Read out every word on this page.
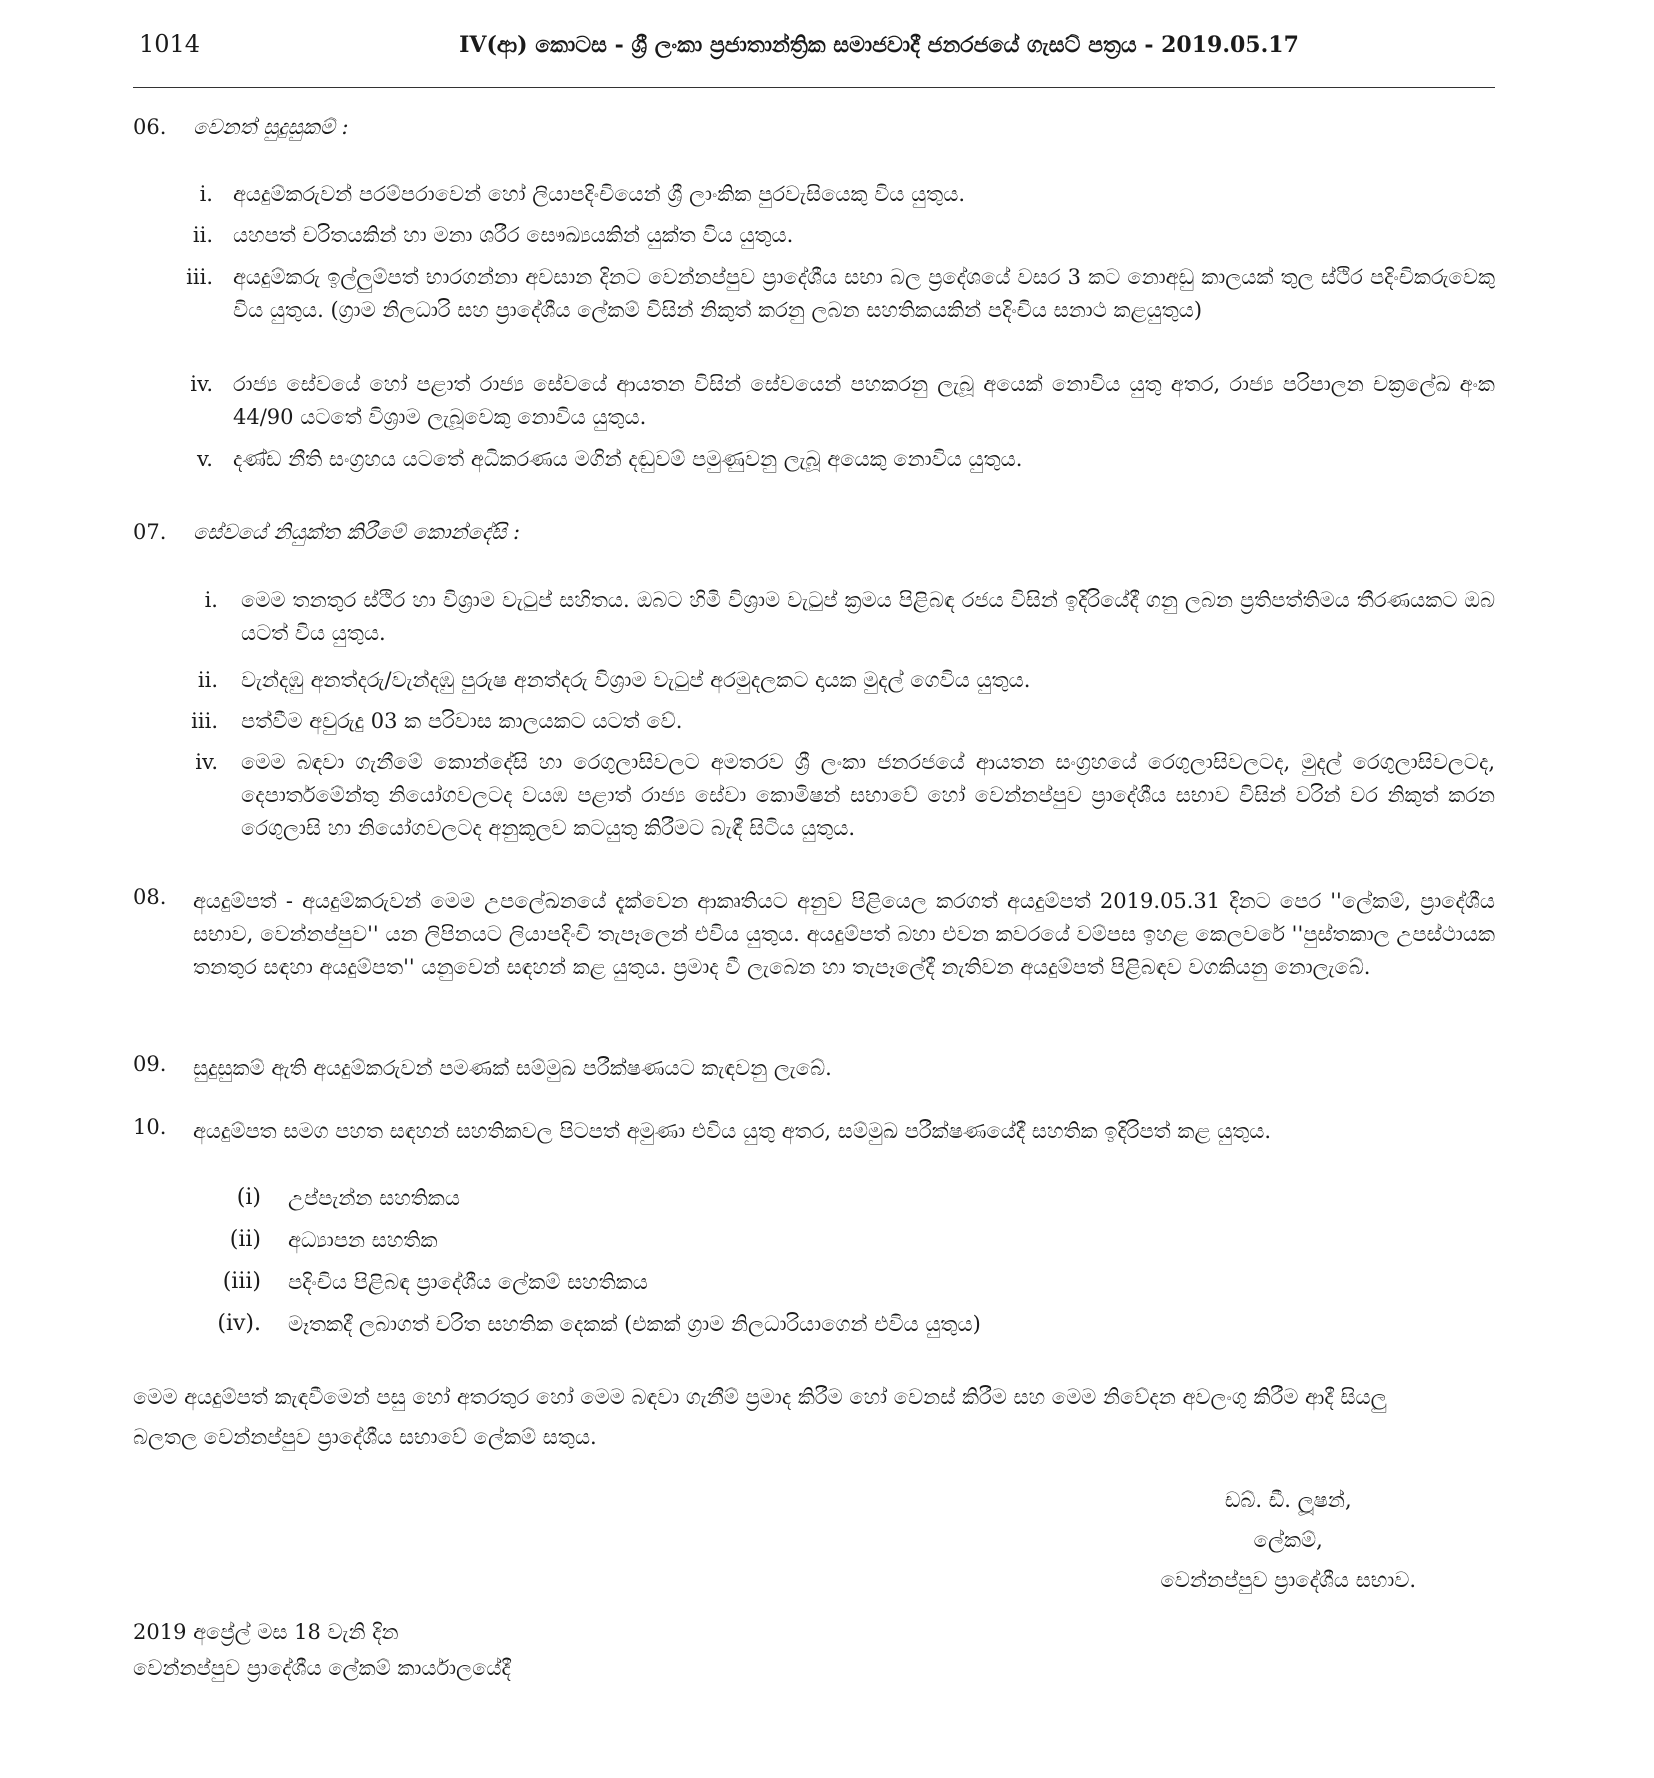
1014	IV(ආ) කොටස - ශ්‍රී ලංකා ප්‍රජාතාන්ත්‍රික සමාජවාදී ජනරජයේ ගැසට් පත්‍රය - 2019.05.17
06.	වෙනත් සුදුසුකම් :
i. අයදුම්කරුවන් පරම්පරාවෙන් හෝ ලියාපදිංචියෙන් ශ්‍රී ලාංකික පුරවැසියෙකු විය යුතුය.
ii. යහපත් චරිතයකින් හා මනා ශරීර සෞඛ්‍යයකින් යුක්ත විය යුතුය.
iii. අයදුම්කරු ඉල්ලුම්පත් භාරගන්නා අවසාන දිනට වෙන්නප්පුව ප්‍රාදේශීය සභා බල ප්‍රදේශයේ වසර 3 කට නොඅඩු කාලයක් තුල ස්ථිර පදිංචිකරුවෙකු විය යුතුය. (ග්‍රාම නිලධාරි සහ ප්‍රාදේශීය ලේකම් විසින් නිකුත් කරනු ලබන සහතිකයකින් පදිංචිය සනාථ කළයුතුය)
iv. රාජ්‍ය සේවයේ හෝ පළාත් රාජ්‍ය සේවයේ ආයතන විසින් සේවයෙන් පහකරනු ලැබූ අයෙක් නොවිය යුතු අතර, රාජ්‍ය පරිපාලන චක්‍රලේඛ අංක 44/90 යටතේ විශ්‍රාම ලැබූවෙකු නොවිය යුතුය.
v. දණ්ඩ නීති සංග්‍රහය යටතේ අධිකරණය මගින් දඬුවම් පමුණුවනු ලැබූ අයෙකු නොවිය යුතුය.
07.	සේවයේ නියුක්ත කිරීමේ කොන්දේසි :
i. මෙම තනතුර ස්ථිර හා විශ්‍රාම වැටුප් සහිතය. ඔබට හිමි විශ්‍රාම වැටුප් ක්‍රමය පිළිබඳ රජය විසින් ඉදිරියේදී ගනු ලබන ප්‍රතිපත්තිමය තීරණයකට ඔබ යටත් විය යුතුය.
ii. වැන්දඹු අනත්දරු/වැන්දඹු පුරුෂ අනත්දරු විශ්‍රාම වැටුප් අරමුදලකට දායක මුදල් ගෙවිය යුතුය.
iii. පත්වීම අවුරුදු 03 ක පරිවාස කාලයකට යටත් වේ.
iv. මෙම බඳවා ගැනීමේ කොන්දේසි හා රෙගුලාසිවලට අමතරව ශ්‍රී ලංකා ජනරජයේ ආයතන සංග්‍රහයේ රෙගුලාසිවලටද, මුදල් රෙගුලාසිවලටද, දෙපාර්තමේන්තු නියෝගවලටද වයඹ පළාත් රාජ්‍ය සේවා කොමිෂන් සභාවේ හෝ වෙන්නප්පුව ප්‍රාදේශීය සභාව විසින් වරින් වර නිකුත් කරන රෙගුලාසි හා නියෝගවලටද අනුකූලව කටයුතු කිරීමට බැඳී සිටිය යුතුය.
08.	අයදුම්පත් - අයදුම්කරුවන් මෙම උපලේඛනයේ දැක්වෙන ආකෘතියට අනුව පිළියෙල කරගත් අයදුම්පත් 2019.05.31 දිනට පෙර ''ලේකම්, ප්‍රාදේශීය සභාව, වෙන්නප්පුව'' යන ලිපිනයට ලියාපදිංචි තැපෑලෙන් එවිය යුතුය. අයදුම්පත් බහා එවන කවරයේ වම්පස ඉහළ කෙලවරේ ''පුස්තකාල උපස්ථායක තනතුර සඳහා අයදුම්පත'' යනුවෙන් සඳහන් කළ යුතුය. ප්‍රමාද වී ලැබෙන හා තැපෑලේදී නැතිවන අයදුම්පත් පිළිබඳව වගකියනු නොලැබේ.
09.	සුදුසුකම් ඇති අයදුම්කරුවන් පමණක් සම්මුඛ පරීක්ෂණයට කැඳවනු ලැබේ.
10.	අයදුම්පත සමග පහත සඳහන් සහතිකවල පිටපත් අමුණා එවිය යුතු අතර, සම්මුඛ පරීක්ෂණයේදී සහතික ඉදිරිපත් කළ යුතුය.
(i) උප්පැන්න සහතිකය
(ii) අධ්‍යාපන සහතික
(iii) පදිංචිය පිළිබඳ ප්‍රාදේශීය ලේකම් සහතිකය
(iv). මෑතකදී ලබාගත් චරිත සහතික දෙකක් (එකක් ග්‍රාම නිලධාරියාගෙන් එවිය යුතුය)
මෙම අයදුම්පත් කැඳවීමෙන් පසු හෝ අතරතුර හෝ මෙම බඳවා ගැනීම් ප්‍රමාද කිරීම හෝ වෙනස් කිරීම සහ මෙම නිවේදන අවලංගු කිරීම ආදී සියලු බලතල වෙන්නප්පුව ප්‍රාදේශීය සභාවේ ලේකම් සතුය.
ඩබ්. ඩී. ලූෂන්,
ලේකම්,
වෙන්නප්පුව ප්‍රාදේශීය සභාව.
2019 අප්‍රේල් මස 18 වැනි දින
වෙන්නප්පුව ප්‍රාදේශීය ලේකම් කාර්යාලයේදී
